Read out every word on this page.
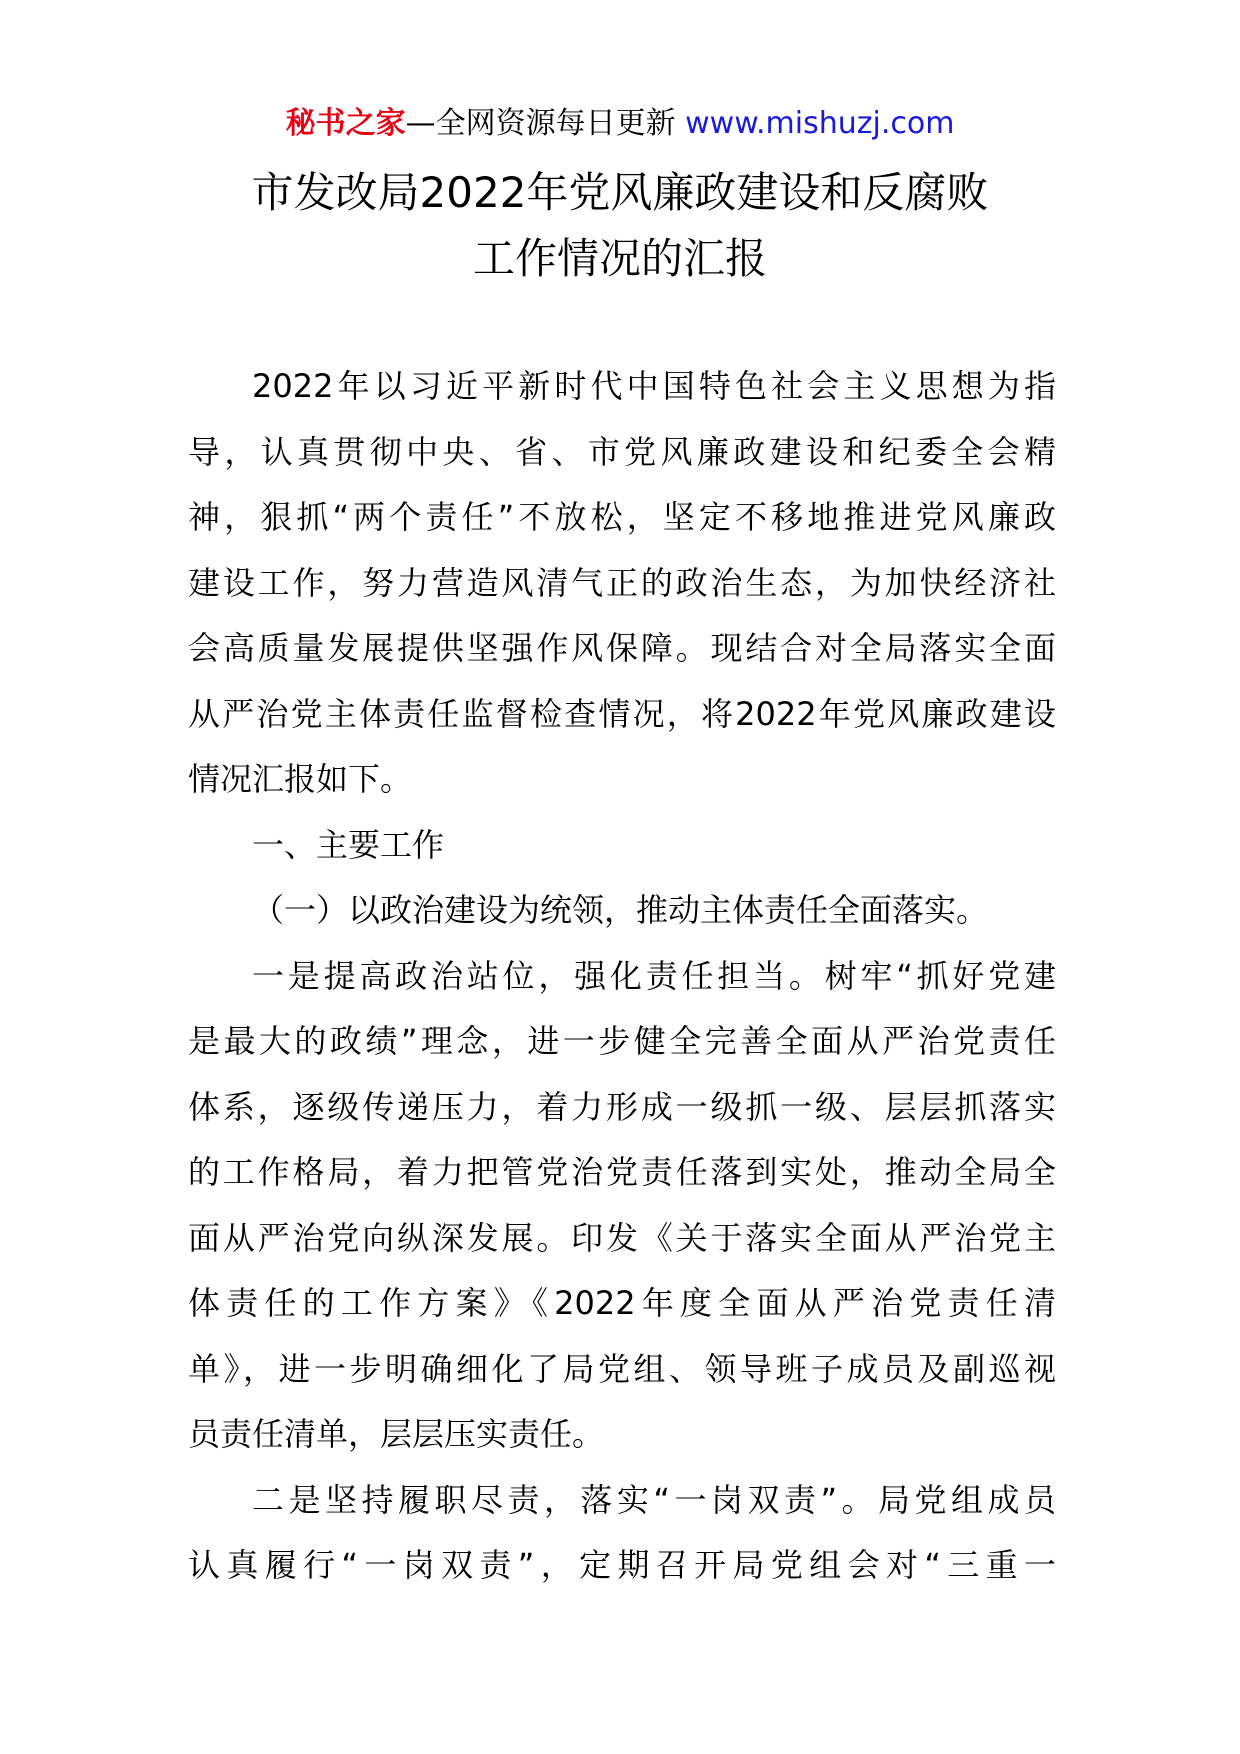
秘书之家—全网资源每日更新 www.mishuzj.com
市发改局2022年党风廉政建设和反腐败
工作情况的汇报
2022年以习近平新时代中国特色社会主义思想为指
导，认真贯彻中央、省、市党风廉政建设和纪委全会精
神，狠抓“两个责任”不放松，坚定不移地推进党风廉政
建设工作，努力营造风清气正的政治生态，为加快经济社
会高质量发展提供坚强作风保障。现结合对全局落实全面
从严治党主体责任监督检查情况，将2022年党风廉政建设
情况汇报如下。
一、主要工作
（一）以政治建设为统领，推动主体责任全面落实。
一是提高政治站位，强化责任担当。树牢“抓好党建
是最大的政绩”理念，进一步健全完善全面从严治党责任
体系，逐级传递压力，着力形成一级抓一级、层层抓落实
的工作格局，着力把管党治党责任落到实处，推动全局全
面从严治党向纵深发展。印发《关于落实全面从严治党主
体责任的工作方案》《2022年度全面从严治党责任清
单》，进一步明确细化了局党组、领导班子成员及副巡视
员责任清单，层层压实责任。
二是坚持履职尽责，落实“一岗双责”。局党组成员
认真履行“一岗双责”，定期召开局党组会对“三重一
